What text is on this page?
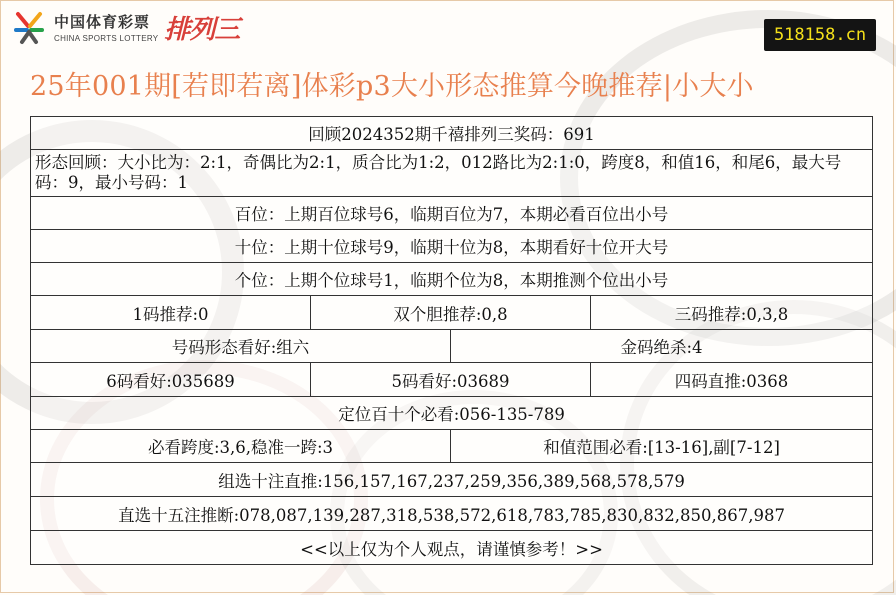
中国体育彩票
CHINA SPORTS LOTTERY 排列三	518158.cn
25年001期[若即若离]体彩p3大小形态推算今晚推荐|小大小
回顾2024352期千禧排列三奖码：691			
形态回顾：大小比为：2:1，奇偶比为2:1，质合比为1:2，012路比为2:1:0，跨度8，和值16，和尾6，最大号码：9，最小号码：1			
百位：上期百位球号6，临期百位为7，本期必看百位出小号			
十位：上期十位球号9，临期十位为8，本期看好十位开大号			
个位：上期个位球号1，临期个位为8，本期推测个位出小号			
1码推荐:0	双个胆推荐:0,8		三码推荐:0,3,8
号码形态看好:组六		金码绝杀:4	
6码看好:035689	5码看好:03689		四码直推:0368
定位百十个必看:056-135-789			
必看跨度:3,6,稳准一跨:3		和值范围必看:[13-16],副[7-12]	
组选十注直推:156,157,167,237,259,356,389,568,578,579			
直选十五注推断:078,087,139,287,318,538,572,618,783,785,830,832,850,867,987			
<<以上仅为个人观点，请谨慎参考！>>			
